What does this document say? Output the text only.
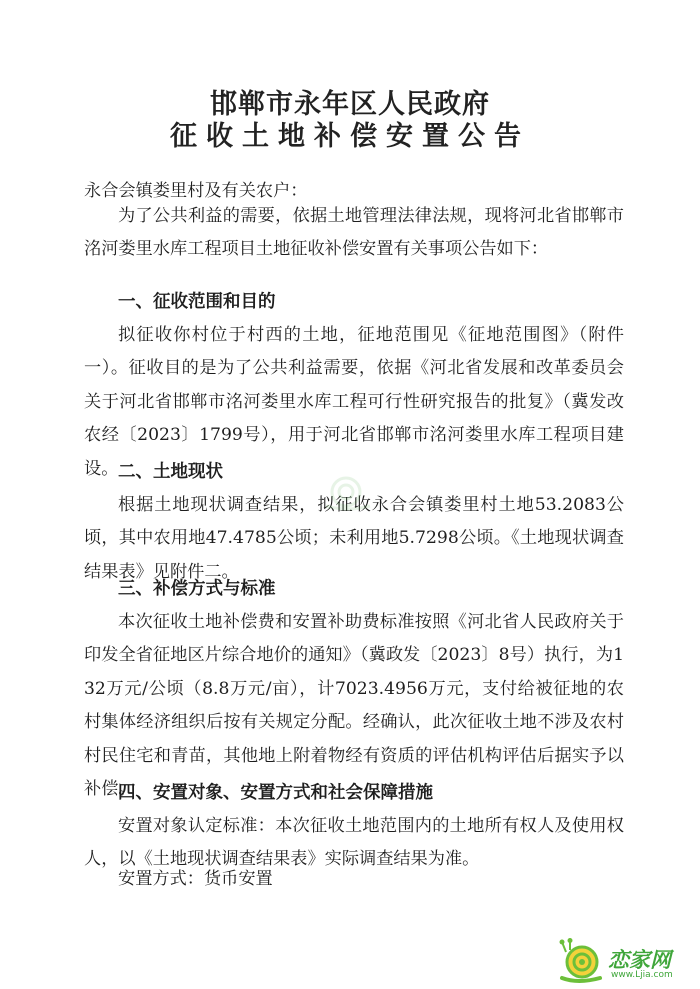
邯郸市永年区人民政府
征收土地补偿安置公告
永合会镇娄里村及有关农户：
为了公共利益的需要，依据土地管理法律法规，现将河北省邯郸市洺河娄里水库工程项目土地征收补偿安置有关事项公告如下：
一、征收范围和目的
拟征收你村位于村西的土地，征地范围见《征地范围图》（附件一）。征收目的是为了公共利益需要，依据《河北省发展和改革委员会关于河北省邯郸市洺河娄里水库工程可行性研究报告的批复》（冀发改农经〔2023〕1799号），用于河北省邯郸市洺河娄里水库工程项目建设。 二、土地现状
根据土地现状调查结果，拟征收永合会镇娄里村土地53.2083公顷，其中农用地47.4785公顷；未利用地5.7298公顷。《土地现状调查结果表》见附件二。
三、补偿方式与标准
本次征收土地补偿费和安置补助费标准按照《河北省人民政府关于印发全省征地区片综合地价的通知》（冀政发〔2023〕8号）执行，为132万元/公顷（8.8万元/亩），计7023.4956万元，支付给被征地的农村集体经济组织后按有关规定分配。经确认，此次征收土地不涉及农村村民住宅和青苗，其他地上附着物经有资质的评估机构评估后据实予以补偿。
四、安置对象、安置方式和社会保障措施
安置对象认定标准：本次征收土地范围内的土地所有权人及使用权人，以《土地现状调查结果表》实际调查结果为准。
安置方式：货币安置
恋家网
www.Ljia.com
